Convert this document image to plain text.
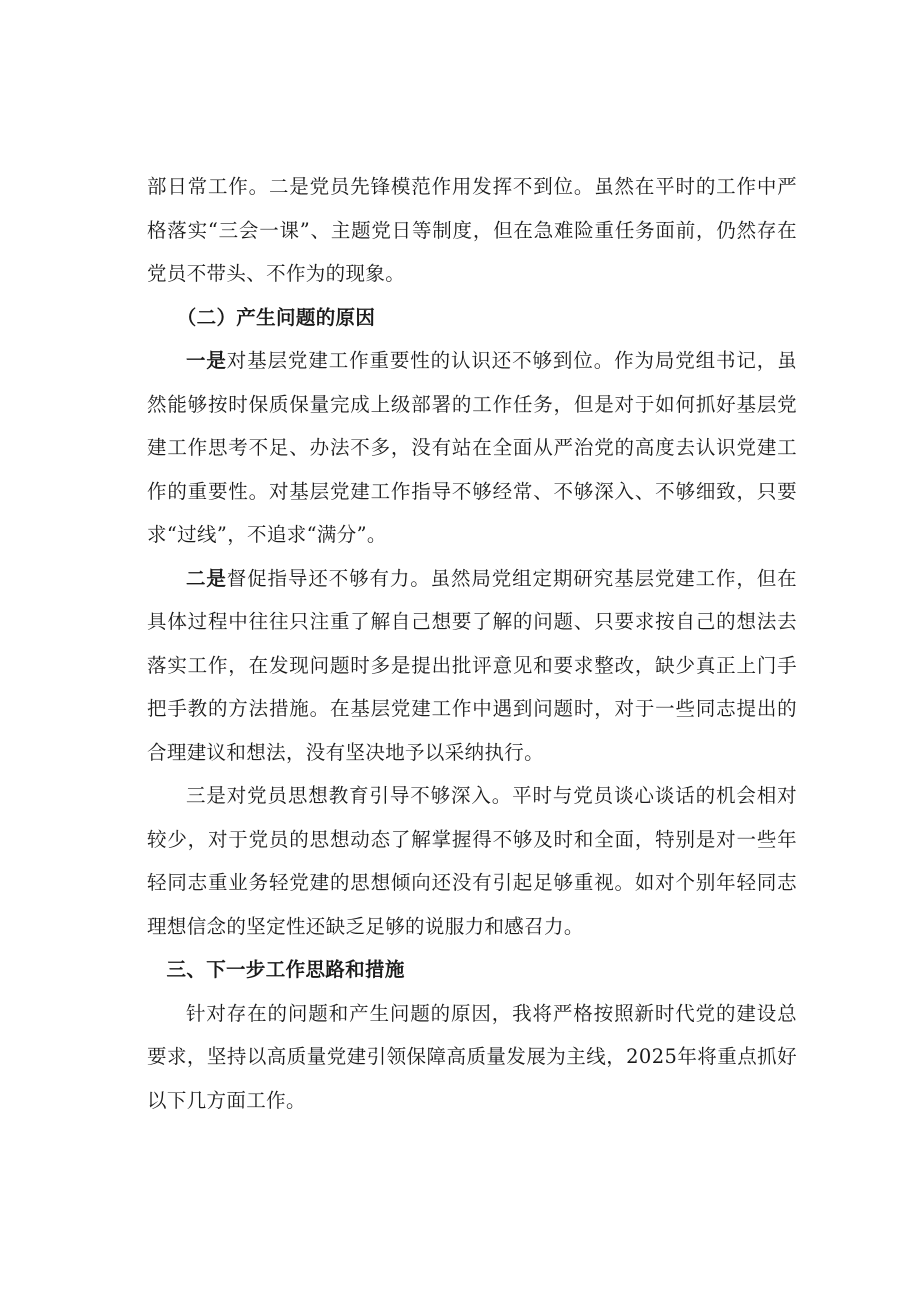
部日常工作。二是党员先锋模范作用发挥不到位。虽然在平时的工作中严格落实“三会一课”、主题党日等制度，但在急难险重任务面前，仍然存在党员不带头、不作为的现象。

（二）产生问题的原因

一是对基层党建工作重要性的认识还不够到位。作为局党组书记，虽然能够按时保质保量完成上级部署的工作任务，但是对于如何抓好基层党建工作思考不足、办法不多，没有站在全面从严治党的高度去认识党建工作的重要性。对基层党建工作指导不够经常、不够深入、不够细致，只要求“过线”，不追求“满分”。

二是督促指导还不够有力。虽然局党组定期研究基层党建工作，但在具体过程中往往只注重了解自己想要了解的问题、只要求按自己的想法去落实工作，在发现问题时多是提出批评意见和要求整改，缺少真正上门手把手教的方法措施。在基层党建工作中遇到问题时，对于一些同志提出的合理建议和想法，没有坚决地予以采纳执行。

三是对党员思想教育引导不够深入。平时与党员谈心谈话的机会相对较少，对于党员的思想动态了解掌握得不够及时和全面，特别是对一些年轻同志重业务轻党建的思想倾向还没有引起足够重视。如对个别年轻同志理想信念的坚定性还缺乏足够的说服力和感召力。

三、下一步工作思路和措施

针对存在的问题和产生问题的原因，我将严格按照新时代党的建设总要求，坚持以高质量党建引领保障高质量发展为主线，2025年将重点抓好以下几方面工作。
